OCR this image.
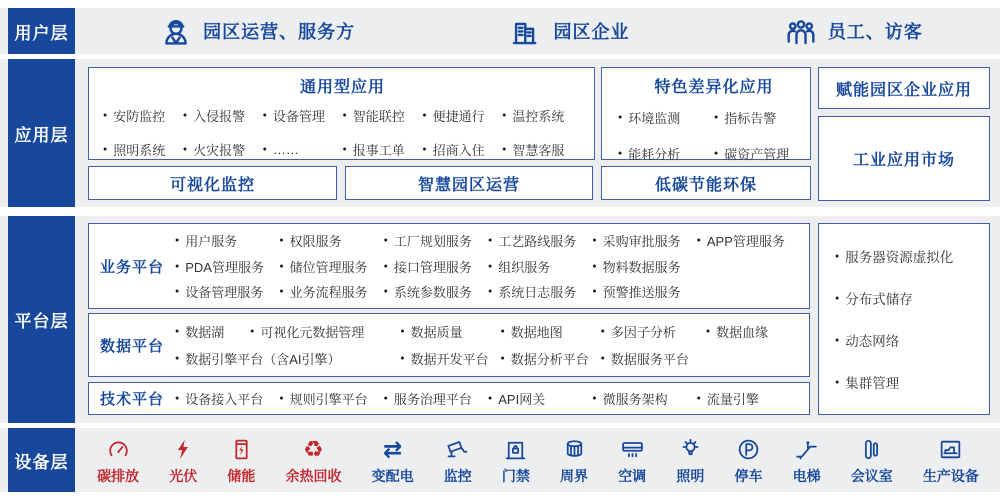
用户层	园区运营、服务方	园区企业	员工、访客
应用层
通用型应用
● 安防监控	● 入侵报警	● 设备管理	● 智能联控	● 便捷通行	● 温控系统
● 照明系统	● 火灾报警	● ……	● 报事工单	● 招商入住	● 智慧客服
特色差异化应用
● 环境监测	● 指标告警
● 能耗分析	● 碳资产管理
赋能园区企业应用
工业应用市场
可视化监控	智慧园区运营	低碳节能环保
平台层
业务平台
● 用户服务	● 权限服务	● 工厂规划服务 ● 工艺路线服务 ● 采购审批服务 ● APP管理服务
● PDA管理服务 ● 储位管理服务 ● 接口管理服务 ● 组织服务	● 物料数据服务
● 设备管理服务 ● 业务流程服务 ● 系统参数服务 ● 系统日志服务 ● 预警推送服务
数据平台
● 数据湖	● 可视化元数据管理	● 数据质量	● 数据地图	● 多因子分析	● 数据血缘
● 数据引擎平台（含AI引擎）	● 数据开发平台 ● 数据分析平台 ● 数据服务平台
技术平台	● 设备接入平台 ● 规则引擎平台 ● 服务治理平台 ● API网关	● 微服务架构	● 流量引擎
● 服务器资源虚拟化
● 分布式储存
● 动态网络
● 集群管理
设备层
碳排放 光伏 储能
♻
余热回收
⇄
变配电 监控 门禁 周界 空调 照明 停车 电梯 会议室 生产设备
